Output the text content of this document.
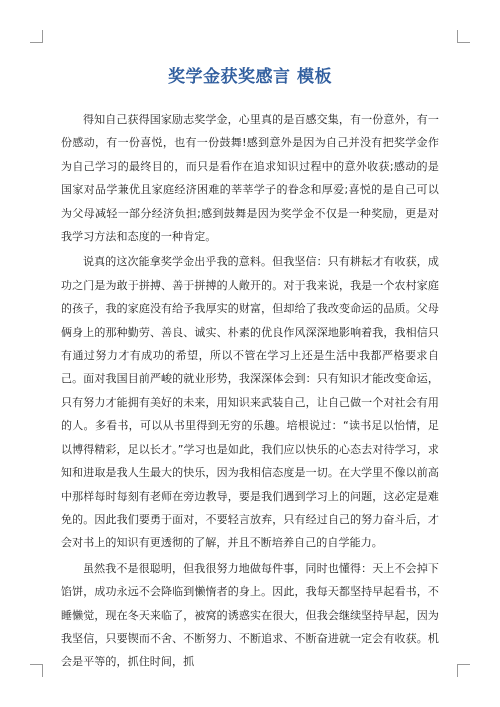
奖学金获奖感言 模板

得知自己获得国家励志奖学金，心里真的是百感交集，有一份意外，有一份感动，有一份喜悦，也有一份鼓舞!感到意外是因为自己并没有把奖学金作为自己学习的最终目的，而只是看作在追求知识过程中的意外收获;感动的是国家对品学兼优且家庭经济困难的莘莘学子的眷念和厚爱;喜悦的是自己可以为父母减轻一部分经济负担;感到鼓舞是因为奖学金不仅是一种奖励，更是对我学习方法和态度的一种肯定。

说真的这次能拿奖学金出乎我的意料。但我坚信：只有耕耘才有收获，成功之门是为敢于拼搏、善于拼搏的人敞开的。对于我来说，我是一个农村家庭的孩子，我的家庭没有给予我厚实的财富，但却给了我改变命运的品质。父母俩身上的那种勤劳、善良、诚实、朴素的优良作风深深地影响着我，我相信只有通过努力才有成功的希望，所以不管在学习上还是生活中我都严格要求自己。面对我国目前严峻的就业形势，我深深体会到：只有知识才能改变命运，只有努力才能拥有美好的未来，用知识来武装自己，让自己做一个对社会有用的人。多看书，可以从书里得到无穷的乐趣。培根说过：“读书足以怡情，足以博得精彩，足以长才。”学习也是如此，我们应以快乐的心态去对待学习，求知和进取是我人生最大的快乐，因为我相信态度是一切。在大学里不像以前高中那样每时每刻有老师在旁边教导，要是我们遇到学习上的问题，这必定是难免的。因此我们要勇于面对，不要轻言放弃，只有经过自己的努力奋斗后，才会对书上的知识有更透彻的了解，并且不断培养自己的自学能力。

虽然我不是很聪明，但我很努力地做每件事，同时也懂得：天上不会掉下馅饼，成功永远不会降临到懒惰者的身上。因此，我每天都坚持早起看书，不睡懒觉，现在冬天来临了，被窝的诱惑实在很大，但我会继续坚持早起，因为我坚信，只要锲而不舍、不断努力、不断追求、不断奋进就一定会有收获。机会是平等的，抓住时间，抓
